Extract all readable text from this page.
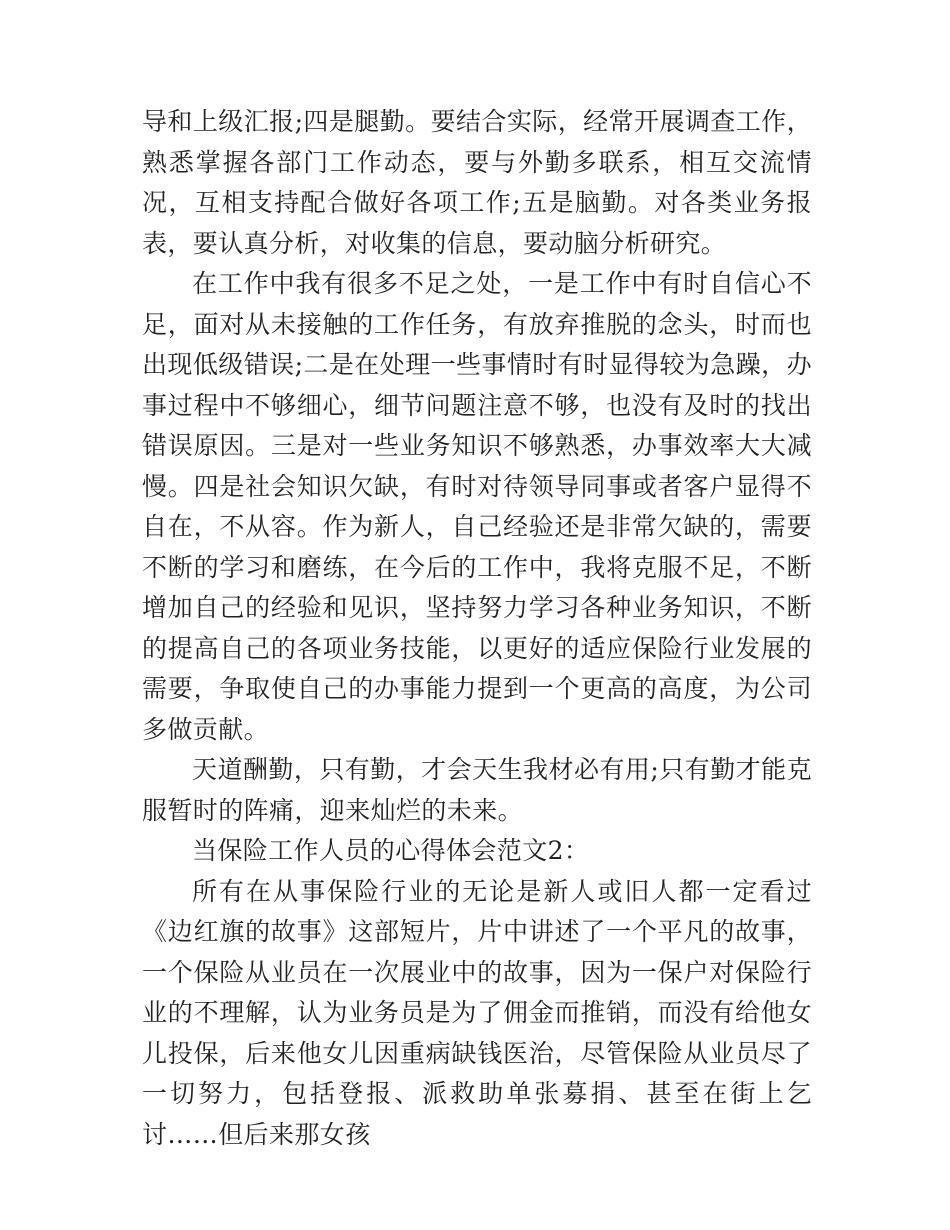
导和上级汇报;四是腿勤。要结合实际，经常开展调查工作，熟悉掌握各部门工作动态，要与外勤多联系，相互交流情况，互相支持配合做好各项工作;五是脑勤。对各类业务报表，要认真分析，对收集的信息，要动脑分析研究。

在工作中我有很多不足之处，一是工作中有时自信心不足，面对从未接触的工作任务，有放弃推脱的念头，时而也出现低级错误;二是在处理一些事情时有时显得较为急躁，办事过程中不够细心，细节问题注意不够，也没有及时的找出错误原因。三是对一些业务知识不够熟悉，办事效率大大减慢。四是社会知识欠缺，有时对待领导同事或者客户显得不自在，不从容。作为新人，自己经验还是非常欠缺的，需要不断的学习和磨练，在今后的工作中，我将克服不足，不断增加自己的经验和见识，坚持努力学习各种业务知识，不断的提高自己的各项业务技能，以更好的适应保险行业发展的需要，争取使自己的办事能力提到一个更高的高度，为公司多做贡献。

天道酬勤，只有勤，才会天生我材必有用;只有勤才能克服暂时的阵痛，迎来灿烂的未来。

当保险工作人员的心得体会范文2：

所有在从事保险行业的无论是新人或旧人都一定看过《边红旗的故事》这部短片，片中讲述了一个平凡的故事，一个保险从业员在一次展业中的故事，因为一保户对保险行业的不理解，认为业务员是为了佣金而推销，而没有给他女儿投保，后来他女儿因重病缺钱医治，尽管保险从业员尽了一切努力，包括登报、派救助单张募捐、甚至在街上乞讨……但后来那女孩
